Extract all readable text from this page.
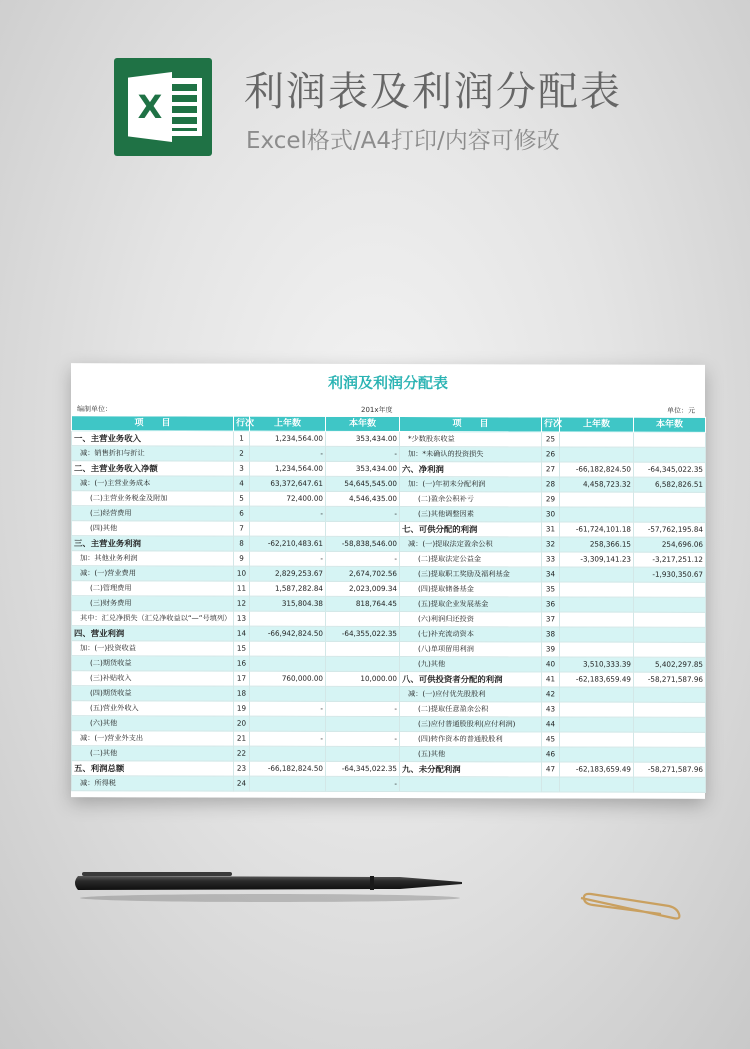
X 利润表及利润分配表
Excel格式/A4打印/内容可修改
利润及利润分配表
编制单位：	201x年度	单位：元
项　　目	行次	上年数	本年数	项　　目	行次	上年数	本年数
一、主营业务收入	1	1,234,564.00	353,434.00	*少数股东收益	25		
减：销售折扣与折让	2	-	-	加：*未确认的投资损失	26		
二、主营业务收入净额	3	1,234,564.00	353,434.00	六、净利润	27	-66,182,824.50	-64,345,022.35
减：(一)主营业务成本	4	63,372,647.61	54,645,545.00	加：(一)年初未分配利润	28	4,458,723.32	6,582,826.51
(二)主营业务税金及附加	5	72,400.00	4,546,435.00	(二)盈余公积补亏	29		
(三)经营费用	6	-	-	(三)其他调整因素	30		
(四)其他	7			七、可供分配的利润	31	-61,724,101.18	-57,762,195.84
三、主营业务利润	8	-62,210,483.61	-58,838,546.00	减：(一)提取法定盈余公积	32	258,366.15	254,696.06
加：其他业务利润	9	-	-	(二)提取法定公益金	33	-3,309,141.23	-3,217,251.12
减：(一)营业费用	10	2,829,253.67	2,674,702.56	(三)提取职工奖励及福利基金	34		-1,930,350.67
(二)管理费用	11	1,587,282.84	2,023,009.34	(四)提取储备基金	35		
(三)财务费用	12	315,804.38	818,764.45	(五)提取企业发展基金	36		
其中：汇兑净损失（汇兑净收益以“—”号填列）	13			(六)利润归还投资	37		
四、营业利润	14	-66,942,824.50	-64,355,022.35	(七)补充流动资本	38		
加：(一)投资收益	15			(八)单项留用利润	39		
(二)期货收益	16			(九)其他	40	3,510,333.39	5,402,297.85
(三)补贴收入	17	760,000.00	10,000.00	八、可供投资者分配的利润	41	-62,183,659.49	-58,271,587.96
(四)期货收益	18			减：(一)应付优先股股利	42		
(五)营业外收入	19	-	-	(二)提取任意盈余公积	43		
(六)其他	20			(三)应付普通股股利(应付利润)	44		
减：(一)营业外支出	21	-	-	(四)转作资本的普通股股利	45		
(二)其他	22			(五)其他	46		
五、利润总额	23	-66,182,824.50	-64,345,022.35	九、未分配利润	47	-62,183,659.49	-58,271,587.96
减：所得税	24		-				
